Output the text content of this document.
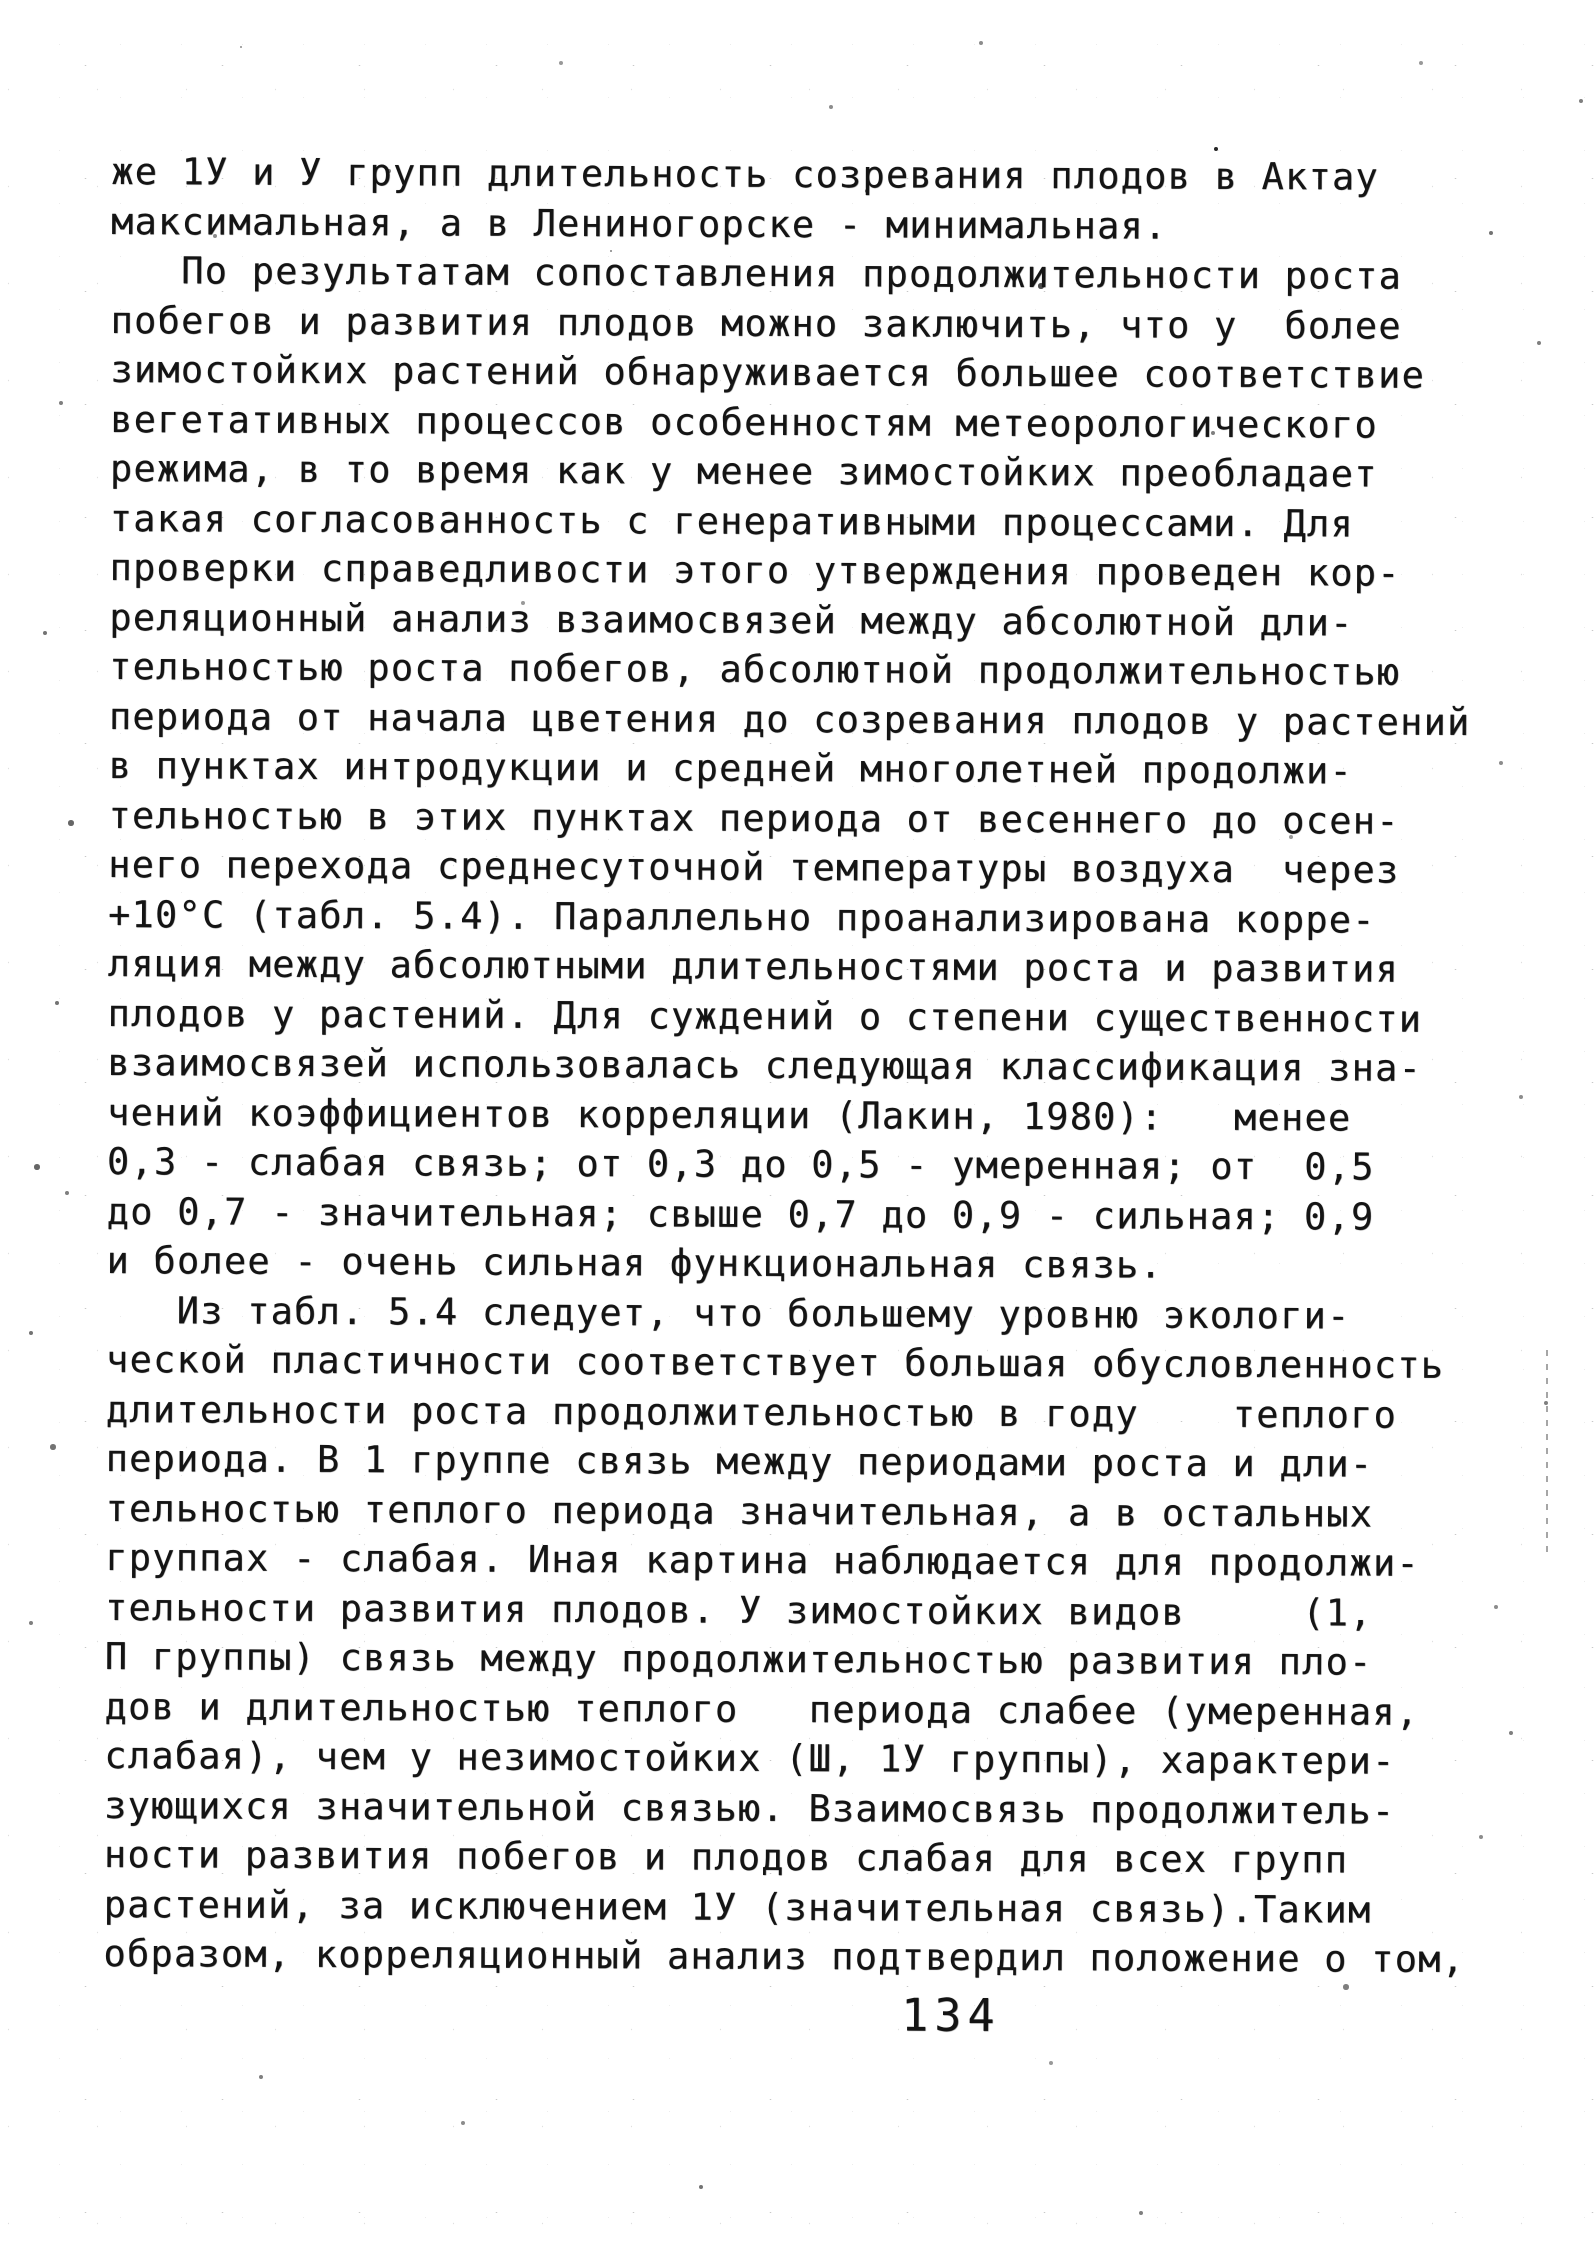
же 1У и У групп длительность созревания плодов в Актау
максимальная, а в Лениногорске - минимальная.
По результатам сопоставления продолжительности роста
побегов и развития плодов можно заключить, что у  более
зимостойких растений обнаруживается большее соответствие
вегетативных процессов особенностям метеорологического
режима, в то время как у менее зимостойких преобладает
такая согласованность с генеративными процессами. Для
проверки справедливости этого утверждения проведен кор-
реляционный анализ взаимосвязей между абсолютной дли-
тельностью роста побегов, абсолютной продолжительностью
периода от начала цветения до созревания плодов у растений
в пунктах интродукции и средней многолетней продолжи-
тельностью в этих пунктах периода от весеннего до осен-
него перехода среднесуточной температуры воздуха  через
+10°С (табл. 5.4). Параллельно проанализирована корре-
ляция между абсолютными длительностями роста и развития
плодов у растений. Для суждений о степени существенности
взаимосвязей использовалась следующая классификация зна-
чений коэффициентов корреляции (Лакин, 1980):   менее
0,3 - слабая связь; от 0,3 до 0,5 - умеренная; от  0,5
до 0,7 - значительная; свыше 0,7 до 0,9 - сильная; 0,9
и более - очень сильная функциональная связь.
Из табл. 5.4 следует, что большему уровню экологи-
ческой пластичности соответствует большая обусловленность
длительности роста продолжительностью в году    теплого
периода. В 1 группе связь между периодами роста и дли-
тельностью теплого периода значительная, а в остальных
группах - слабая. Иная картина наблюдается для продолжи-
тельности развития плодов. У зимостойких видов     (1,
П группы) связь между продолжительностью развития пло-
дов и длительностью теплого   периода слабее (умеренная,
слабая), чем у незимостойких (Ш, 1У группы), характери-
зующихся значительной связью. Взаимосвязь продолжитель-
ности развития побегов и плодов слабая для всех групп
растений, за исключением 1У (значительная связь).Таким
образом, корреляционный анализ подтвердил положение о том,
134
